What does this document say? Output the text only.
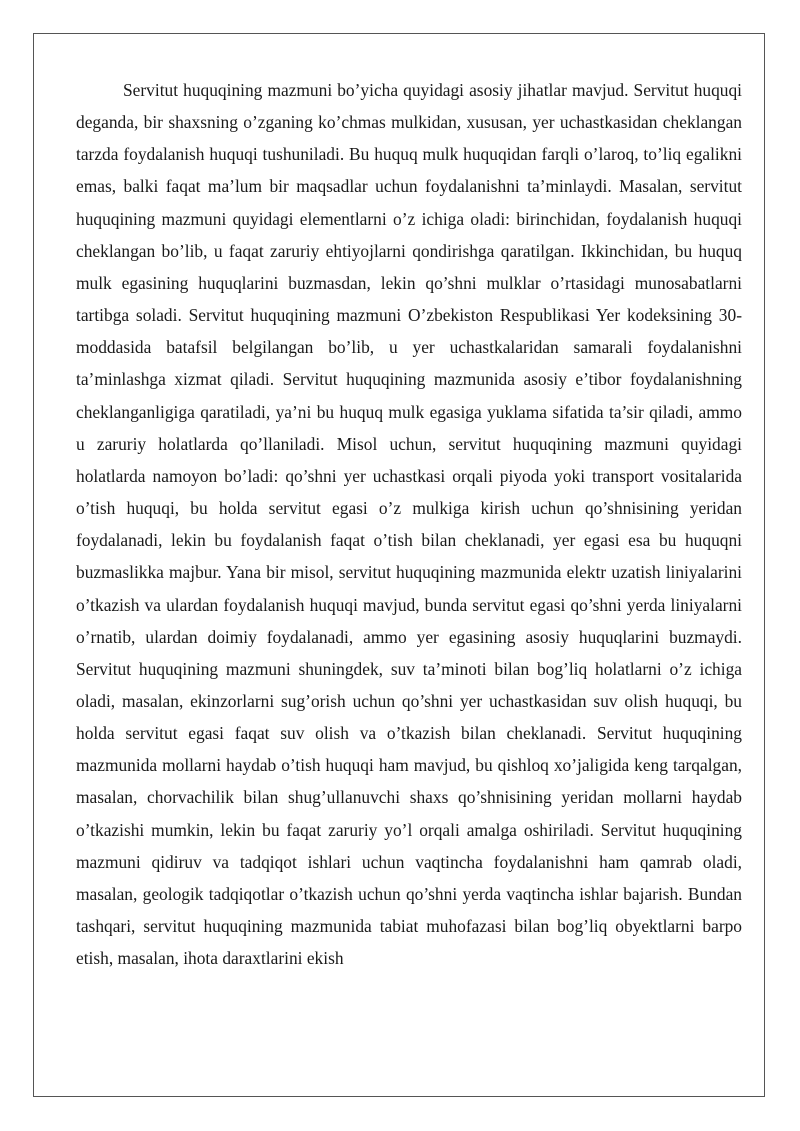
Servitut huquqining mazmuni bo’yicha quyidagi asosiy jihatlar mavjud. Servitut huquqi deganda, bir shaxsning o’zganing ko’chmas mulkidan, xususan, yer uchastkasidan cheklangan tarzda foydalanish huquqi tushuniladi. Bu huquq mulk huquqidan farqli o’laroq, to’liq egalikni emas, balki faqat ma’lum bir maqsadlar uchun foydalanishni ta’minlaydi. Masalan, servitut huquqining mazmuni quyidagi elementlarni o’z ichiga oladi: birinchidan, foydalanish huquqi cheklangan bo’lib, u faqat zaruriy ehtiyojlarni qondirishga qaratilgan. Ikkinchidan, bu huquq mulk egasining huquqlarini buzmasdan, lekin qo’shni mulklar o’rtasidagi munosabatlarni tartibga soladi. Servitut huquqining mazmuni O’zbekiston Respublikasi Yer kodeksining 30-moddasida batafsil belgilangan bo’lib, u yer uchastkalaridan samarali foydalanishni ta’minlashga xizmat qiladi. Servitut huquqining mazmunida asosiy e’tibor foydalanishning cheklanganligiga qaratiladi, ya’ni bu huquq mulk egasiga yuklama sifatida ta’sir qiladi, ammo u zaruriy holatlarda qo’llaniladi. Misol uchun, servitut huquqining mazmuni quyidagi holatlarda namoyon bo’ladi: qo’shni yer uchastkasi orqali piyoda yoki transport vositalarida o’tish huquqi, bu holda servitut egasi o’z mulkiga kirish uchun qo’shnisining yeridan foydalanadi, lekin bu foydalanish faqat o’tish bilan cheklanadi, yer egasi esa bu huquqni buzmaslikka majbur. Yana bir misol, servitut huquqining mazmunida elektr uzatish liniyalarini o’tkazish va ulardan foydalanish huquqi mavjud, bunda servitut egasi qo’shni yerda liniyalarni o’rnatib, ulardan doimiy foydalanadi, ammo yer egasining asosiy huquqlarini buzmaydi. Servitut huquqining mazmuni shuningdek, suv ta’minoti bilan bog’liq holatlarni o’z ichiga oladi, masalan, ekinzorlarni sug’orish uchun qo’shni yer uchastkasidan suv olish huquqi, bu holda servitut egasi faqat suv olish va o’tkazish bilan cheklanadi. Servitut huquqining mazmunida mollarni haydab o’tish huquqi ham mavjud, bu qishloq xo’jaligida keng tarqalgan, masalan, chorvachilik bilan shug’ullanuvchi shaxs qo’shnisining yeridan mollarni haydab o’tkazishi mumkin, lekin bu faqat zaruriy yo’l orqali amalga oshiriladi. Servitut huquqining mazmuni qidiruv va tadqiqot ishlari uchun vaqtincha foydalanishni ham qamrab oladi, masalan, geologik tadqiqotlar o’tkazish uchun qo’shni yerda vaqtincha ishlar bajarish. Bundan tashqari, servitut huquqining mazmunida tabiat muhofazasi bilan bog’liq obyektlarni barpo etish, masalan, ihota daraxtlarini ekish
